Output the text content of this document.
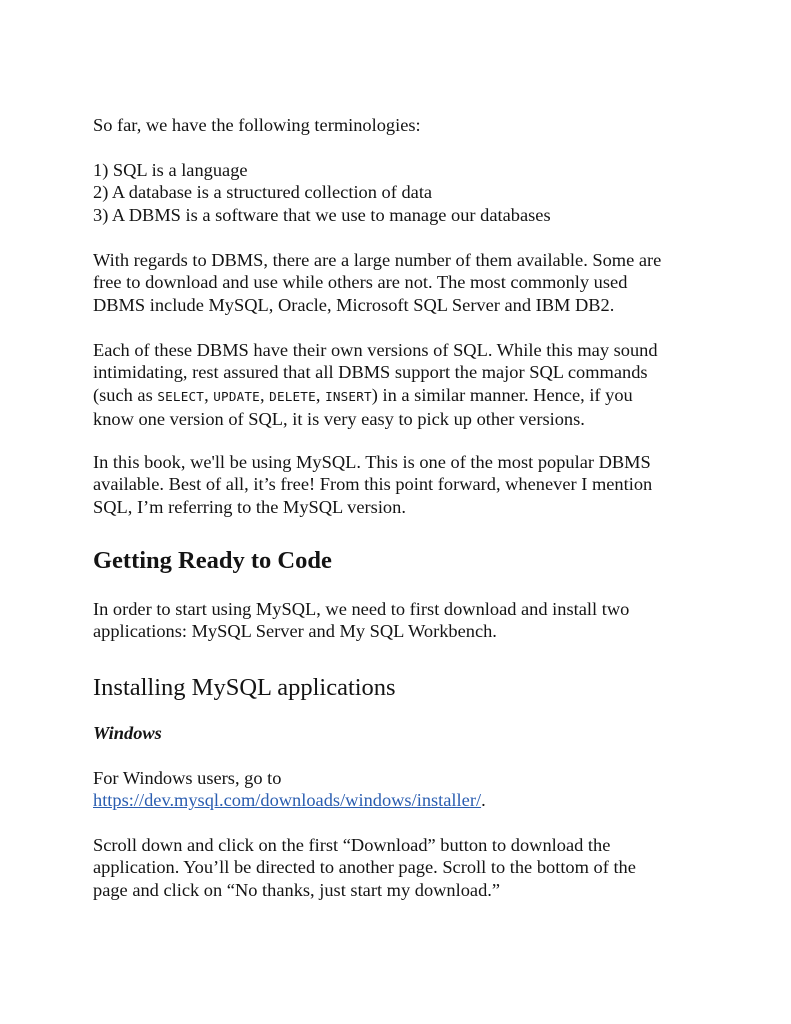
So far, we have the following terminologies:

1) SQL is a language
2) A database is a structured collection of data
3) A DBMS is a software that we use to manage our databases

With regards to DBMS, there are a large number of them available. Some are
free to download and use while others are not. The most commonly used
DBMS include MySQL, Oracle, Microsoft SQL Server and IBM DB2.

Each of these DBMS have their own versions of SQL. While this may sound
intimidating, rest assured that all DBMS support the major SQL commands
(such as SELECT, UPDATE, DELETE, INSERT) in a similar manner. Hence, if you
know one version of SQL, it is very easy to pick up other versions.

In this book, we'll be using MySQL. This is one of the most popular DBMS
available. Best of all, it’s free! From this point forward, whenever I mention
SQL, I’m referring to the MySQL version.

Getting Ready to Code

In order to start using MySQL, we need to first download and install two
applications: MySQL Server and My SQL Workbench.

Installing MySQL applications
Windows

For Windows users, go to
https://dev.mysql.com/downloads/windows/installer/.

Scroll down and click on the first “Download” button to download the
application. You’ll be directed to another page. Scroll to the bottom of the
page and click on “No thanks, just start my download.”
